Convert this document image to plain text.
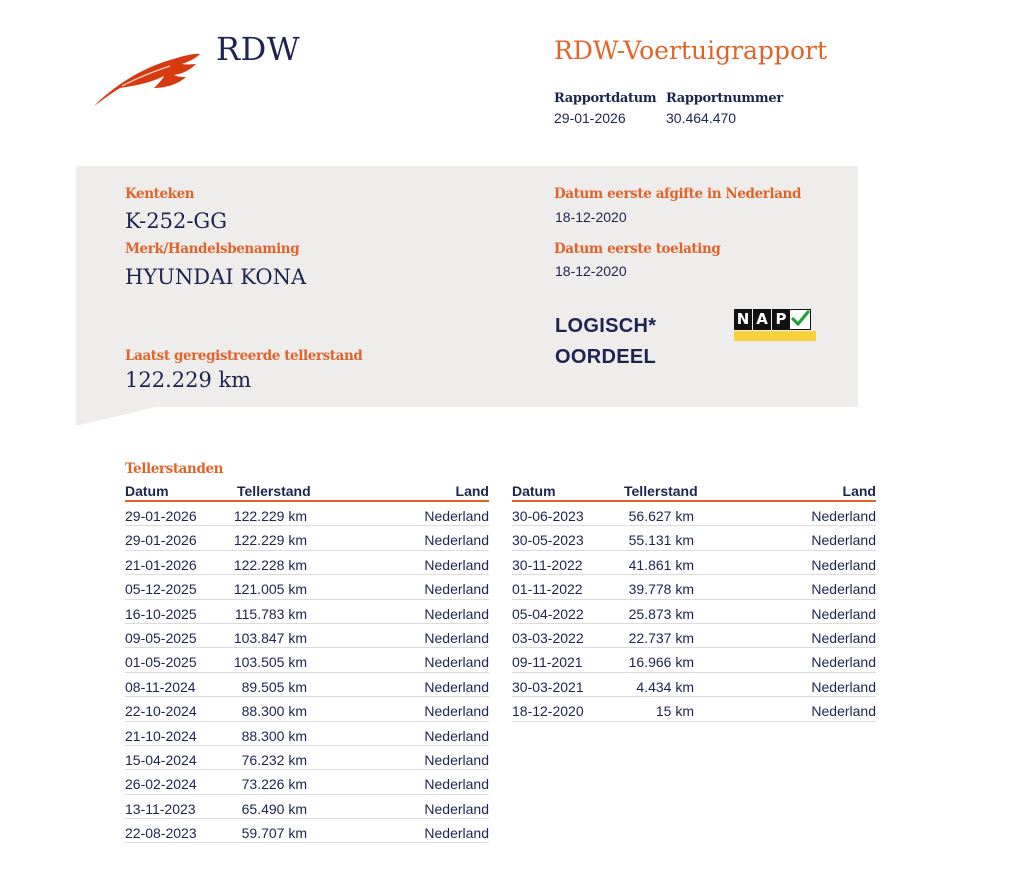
RDW	RDW-Voertuigrapport
Rapportdatum
29-01-2026
Rapportnummer
30.464.470
Kenteken
K-252-GG
Merk/Handelsbenaming
HYUNDAI KONA
Laatst geregistreerde tellerstand
122.229 km
Datum eerste afgifte in Nederland
18-12-2020
Datum eerste toelating
18-12-2020
LOGISCH*
OORDEEL
N A P
Tellerstanden
Datum	Tellerstand	Land
29-01-2026	122.229 km	Nederland
29-01-2026	122.229 km	Nederland
21-01-2026	122.228 km	Nederland
05-12-2025	121.005 km	Nederland
16-10-2025	115.783 km	Nederland
09-05-2025	103.847 km	Nederland
01-05-2025	103.505 km	Nederland
08-11-2024	89.505 km	Nederland
22-10-2024	88.300 km	Nederland
21-10-2024	88.300 km	Nederland
15-04-2024	76.232 km	Nederland
26-02-2024	73.226 km	Nederland
13-11-2023	65.490 km	Nederland
22-08-2023	59.707 km	Nederland
Datum	Tellerstand	Land
30-06-2023	56.627 km	Nederland
30-05-2023	55.131 km	Nederland
30-11-2022	41.861 km	Nederland
01-11-2022	39.778 km	Nederland
05-04-2022	25.873 km	Nederland
03-03-2022	22.737 km	Nederland
09-11-2021	16.966 km	Nederland
30-03-2021	4.434 km	Nederland
18-12-2020	15 km	Nederland
